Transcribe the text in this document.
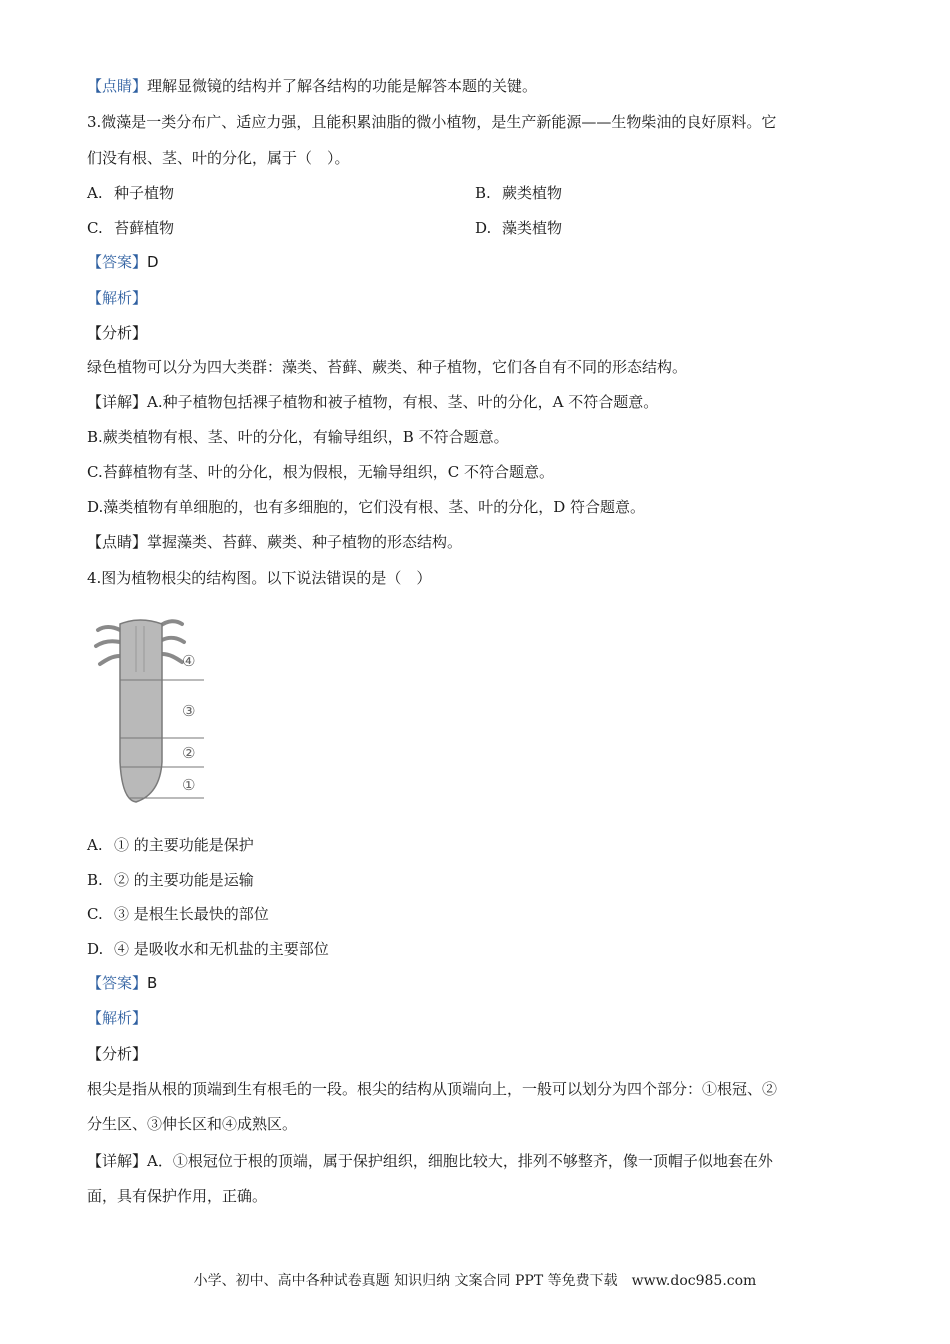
【点睛】理解显微镜的结构并了解各结构的功能是解答本题的关键。
3.微藻是一类分布广、适应力强，且能积累油脂的微小植物，是生产新能源——生物柴油的良好原料。它
们没有根、茎、叶的分化，属于（　）。
A. 种子植物	B. 蕨类植物
C. 苔藓植物	D. 藻类植物
【答案】D
【解析】
【分析】
绿色植物可以分为四大类群：藻类、苔藓、蕨类、种子植物，它们各自有不同的形态结构。
【详解】A.种子植物包括裸子植物和被子植物，有根、茎、叶的分化，A 不符合题意。
B.蕨类植物有根、茎、叶的分化，有输导组织，B 不符合题意。
C.苔藓植物有茎、叶的分化，根为假根，无输导组织，C 不符合题意。
D.藻类植物有单细胞的，也有多细胞的，它们没有根、茎、叶的分化，D 符合题意。
【点睛】掌握藻类、苔藓、蕨类、种子植物的形态结构。
4.图为植物根尖的结构图。以下说法错误的是（　）
④
③
②
①
A. ① 的主要功能是保护
B. ② 的主要功能是运输
C. ③ 是根生长最快的部位
D. ④ 是吸收水和无机盐的主要部位
【答案】B
【解析】
【分析】
根尖是指从根的顶端到生有根毛的一段。根尖的结构从顶端向上，一般可以划分为四个部分：①根冠、②
分生区、③伸长区和④成熟区。
【详解】A．①根冠位于根的顶端，属于保护组织，细胞比较大，排列不够整齐，像一顶帽子似地套在外
面，具有保护作用，正确。
小学、初中、高中各种试卷真题 知识归纳 文案合同 PPT 等免费下载　www.doc985.com
